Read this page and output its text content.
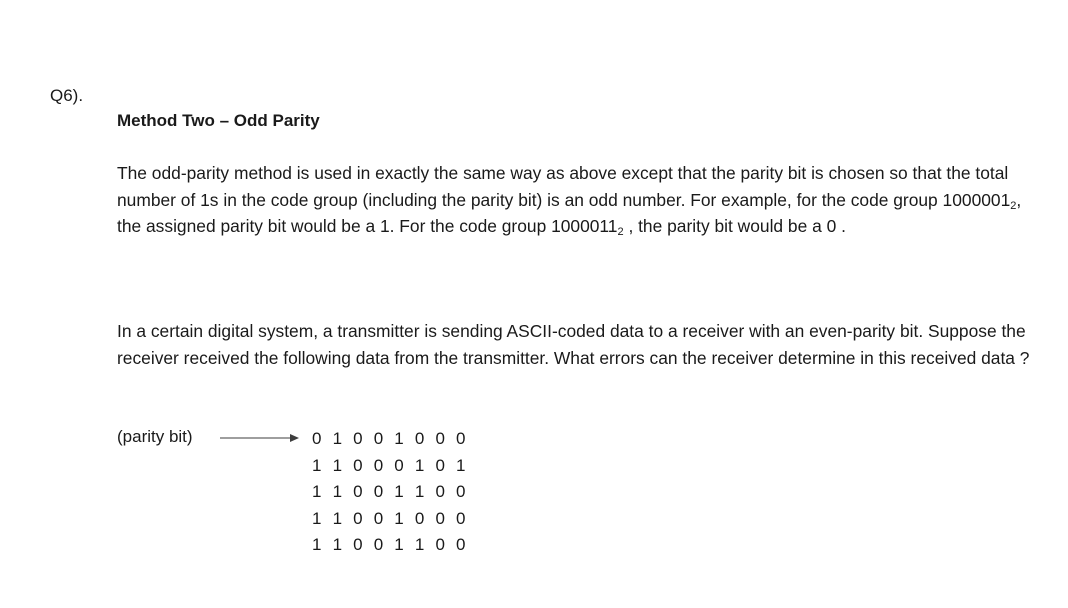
Q6).
Method Two – Odd Parity

The odd-parity method is used in exactly the same way as above except that the parity bit is chosen so that the total number of 1s in the code group (including the parity bit) is an odd number. For example, for the code group $1000001_2$, the assigned parity bit would be a 1. For the code group $1000011_2$ , the parity bit would be a 0 .

In a certain digital system, a transmitter is sending ASCII-coded data to a receiver with an even-parity bit. Suppose the receiver received the following data from the transmitter. What errors can the receiver determine in this received data ?

(parity bit)	0 1 0 0 1 0 0 0
1 1 0 0 0 1 0 1
1 1 0 0 1 1 0 0
1 1 0 0 1 0 0 0
1 1 0 0 1 1 0 0
